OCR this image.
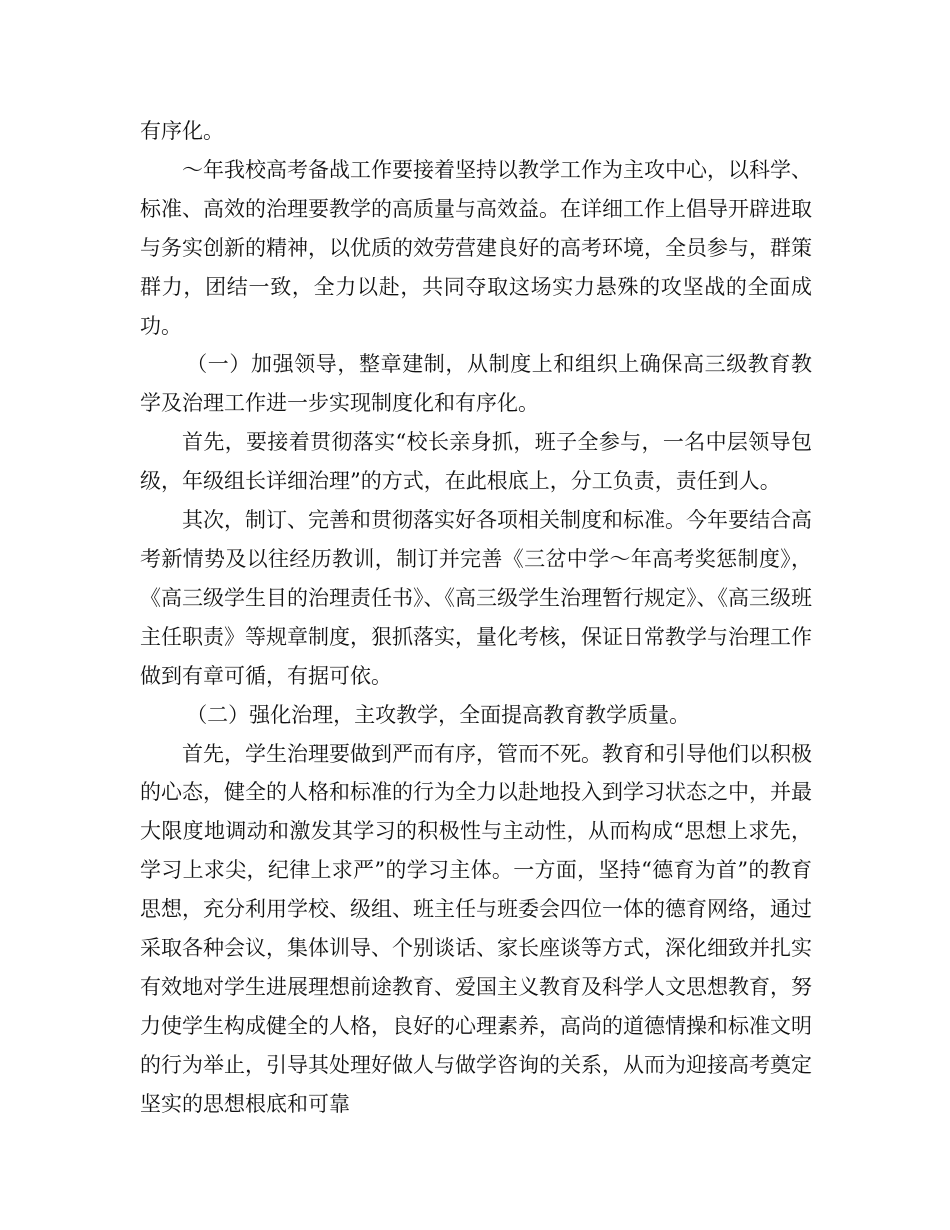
有序化。

～年我校高考备战工作要接着坚持以教学工作为主攻中心，以科学、标准、高效的治理要教学的高质量与高效益。在详细工作上倡导开辟进取与务实创新的精神，以优质的效劳营建良好的高考环境，全员参与，群策群力，团结一致，全力以赴，共同夺取这场实力悬殊的攻坚战的全面成功。

（一）加强领导，整章建制，从制度上和组织上确保高三级教育教学及治理工作进一步实现制度化和有序化。

首先，要接着贯彻落实“校长亲身抓，班子全参与，一名中层领导包级，年级组长详细治理”的方式，在此根底上，分工负责，责任到人。

其次，制订、完善和贯彻落实好各项相关制度和标准。今年要结合高考新情势及以往经历教训，制订并完善《三岔中学～年高考奖惩制度》，《高三级学生目的治理责任书》、《高三级学生治理暂行规定》、《高三级班主任职责》等规章制度，狠抓落实，量化考核，保证日常教学与治理工作做到有章可循，有据可依。

（二）强化治理，主攻教学，全面提高教育教学质量。

首先，学生治理要做到严而有序，管而不死。教育和引导他们以积极的心态，健全的人格和标准的行为全力以赴地投入到学习状态之中，并最大限度地调动和激发其学习的积极性与主动性，从而构成“思想上求先，学习上求尖，纪律上求严”的学习主体。一方面，坚持“德育为首”的教育思想，充分利用学校、级组、班主任与班委会四位一体的德育网络，通过采取各种会议，集体训导、个别谈话、家长座谈等方式，深化细致并扎实有效地对学生进展理想前途教育、爱国主义教育及科学人文思想教育，努力使学生构成健全的人格，良好的心理素养，高尚的道德情操和标准文明的行为举止，引导其处理好做人与做学咨询的关系，从而为迎接高考奠定坚实的思想根底和可靠
